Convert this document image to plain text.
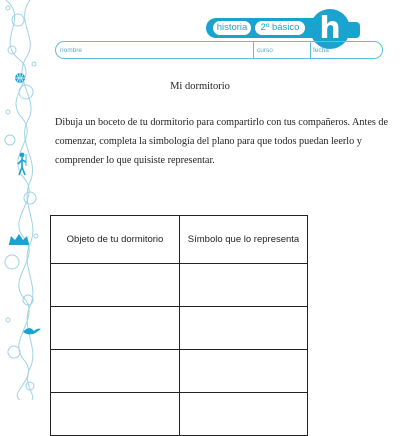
historia	2º básico h
nombre	curso	fecha
Mi dormitorio
Dibuja un boceto de tu dormitorio para compartirlo con tus compañeros. Antes de comenzar, completa la simbología del plano para que todos puedan leerlo y comprender lo que quisiste representar.
Objeto de tu dormitorio	Símbolo que lo representa
